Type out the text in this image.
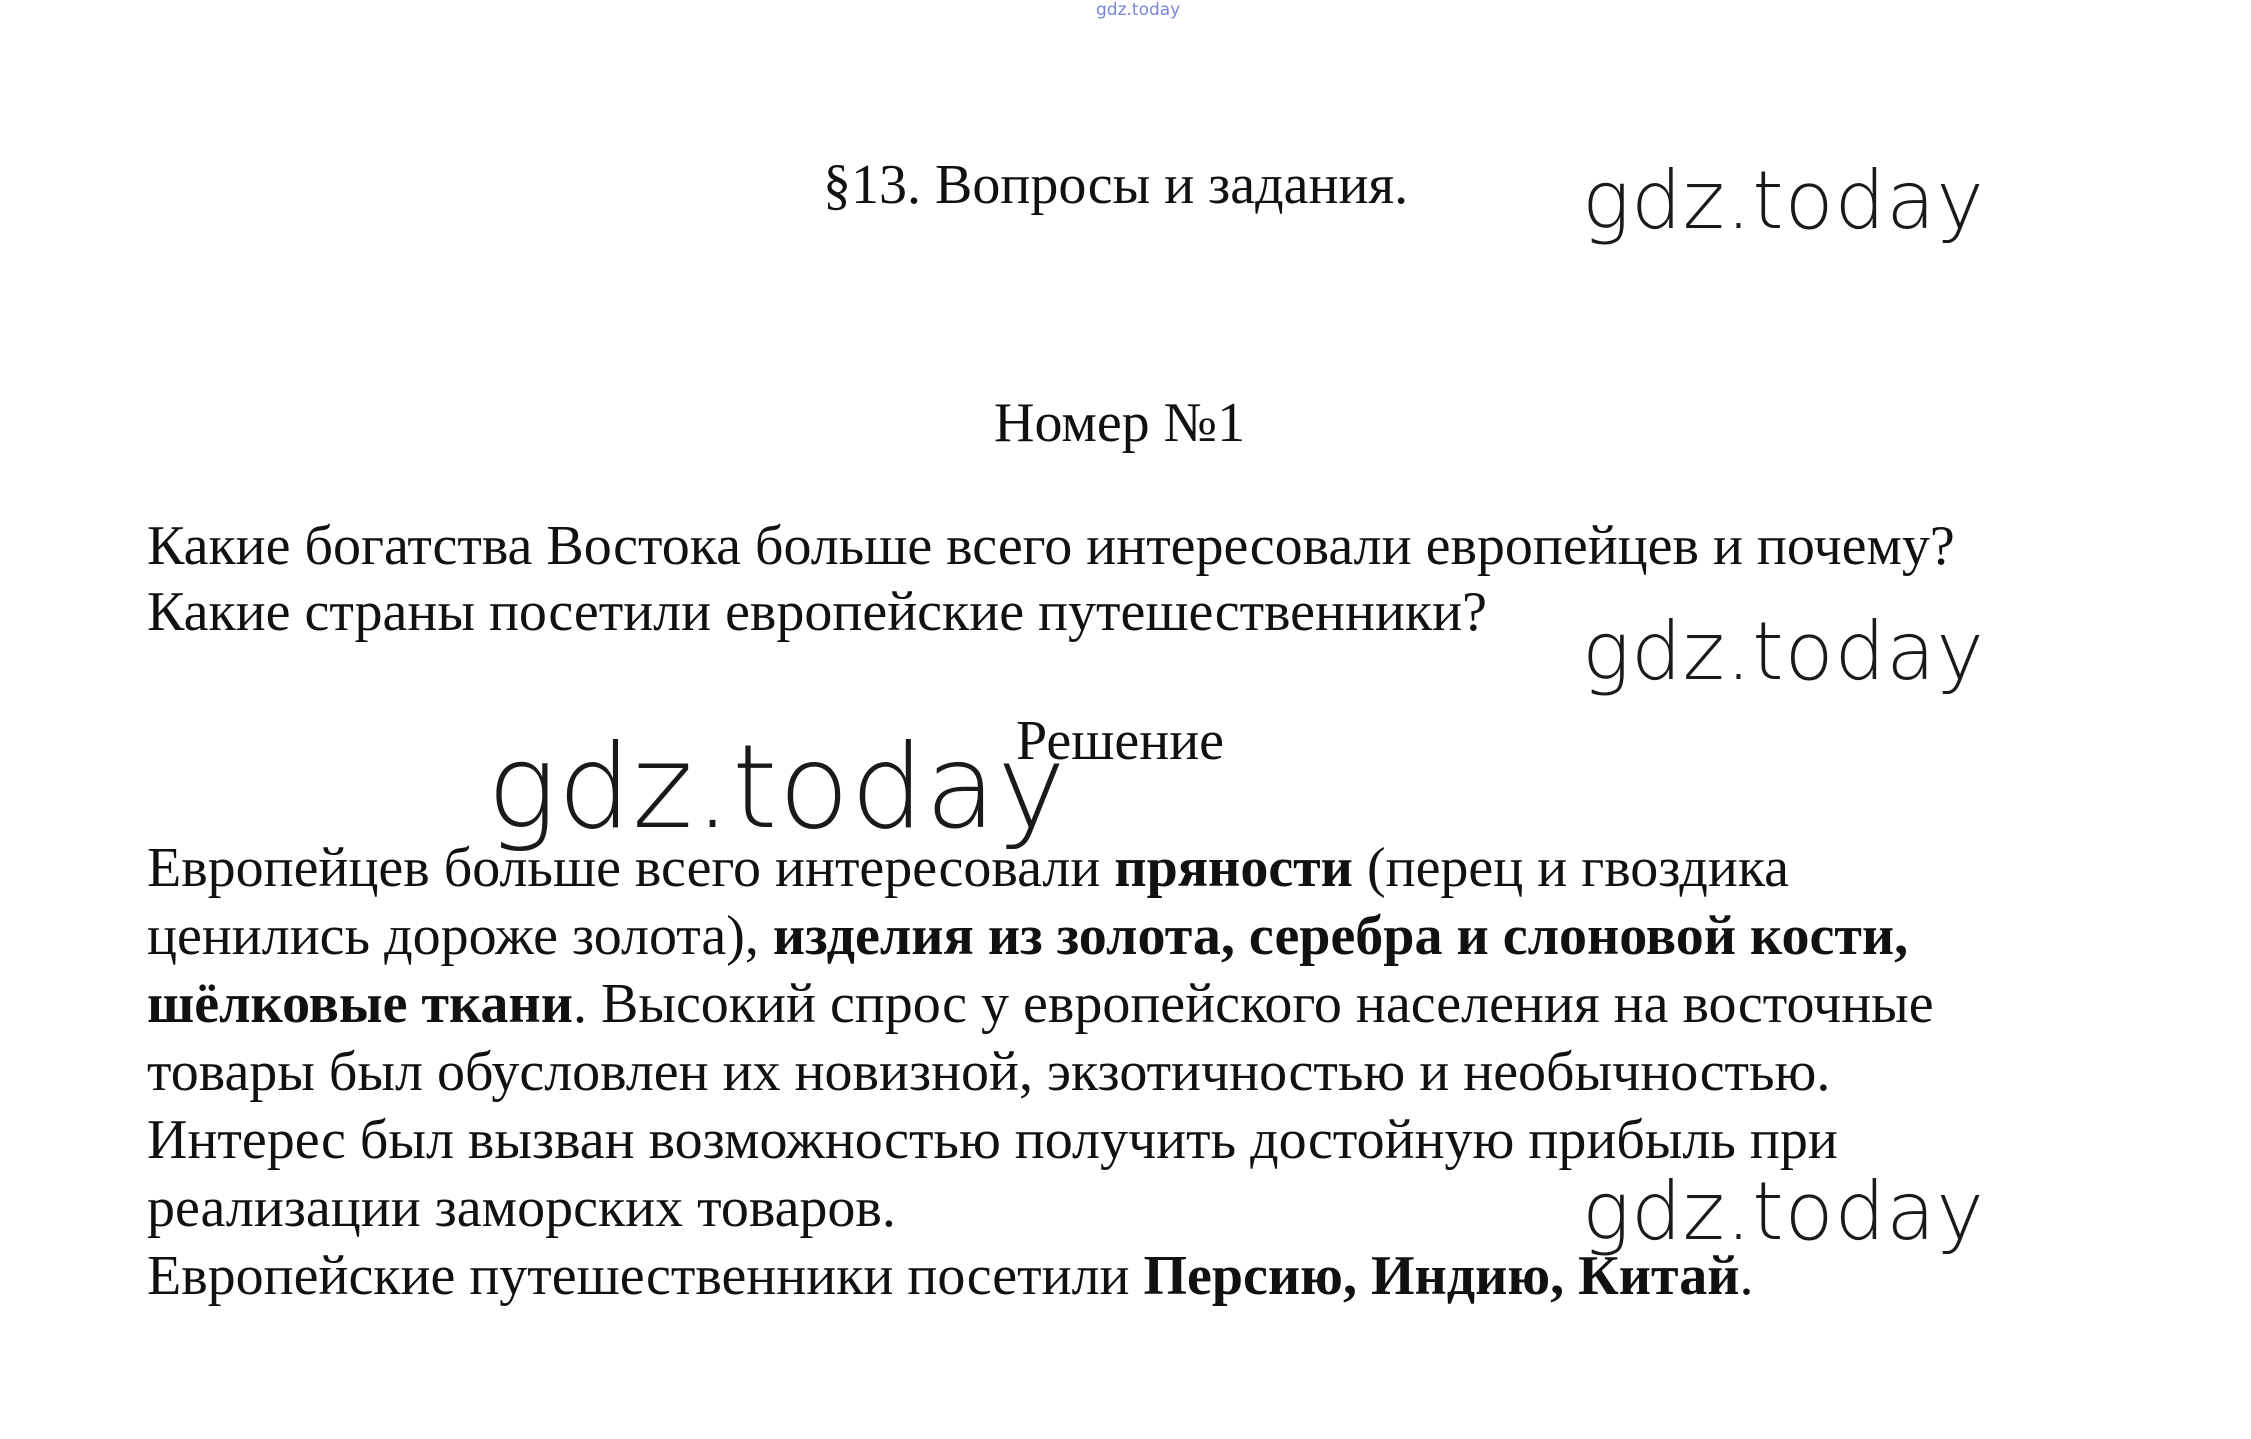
gdz.today
§13. Вопросы и задания. gdz.today
Номер №1
Какие богатства Востока больше всего интересовали европейцев и почему?
Какие страны посетили европейские путешественники? gdz.today
gdz.today
Решение
Европейцев больше всего интересовали пряности (перец и гвоздика
ценились дороже золота), изделия из золота, серебра и слоновой кости,
шёлковые ткани. Высокий спрос у европейского населения на восточные
товары был обусловлен их новизной, экзотичностью и необычностью.
Интерес был вызван возможностью получить достойную прибыль при
реализации заморских товаров.
Европейские путешественники посетили Персию, Индию, Китай.
gdz.today
